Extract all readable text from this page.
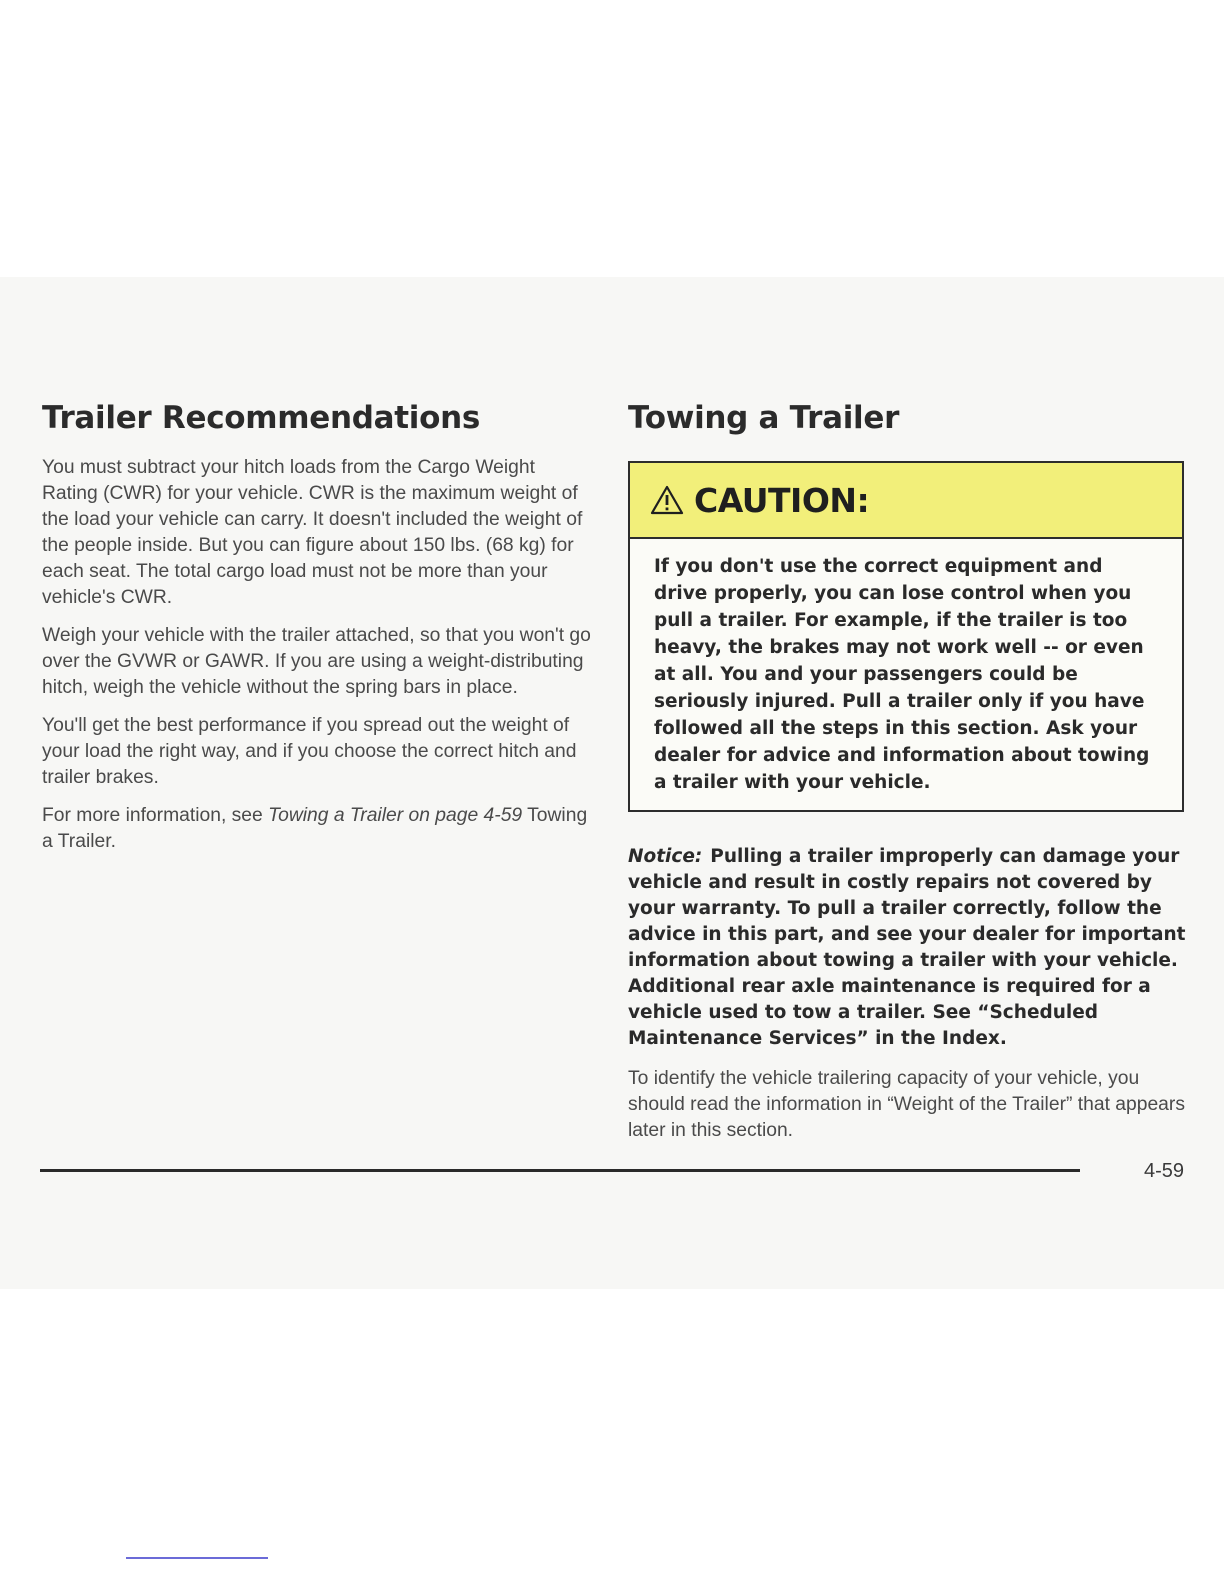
Trailer Recommendations

You must subtract your hitch loads from the Cargo Weight Rating (CWR) for your vehicle. CWR is the maximum weight of the load your vehicle can carry. It doesn't included the weight of the people inside. But you can figure about 150 lbs. (68 kg) for each seat. The total cargo load must not be more than your vehicle's CWR.

Weigh your vehicle with the trailer attached, so that you won't go over the GVWR or GAWR. If you are using a weight-distributing hitch, weigh the vehicle without the spring bars in place.

You'll get the best performance if you spread out the weight of your load the right way, and if you choose the correct hitch and trailer brakes.

For more information, see Towing a Trailer on page 4-59 Towing a Trailer.

Towing a Trailer
CAUTION:
If you don't use the correct equipment and drive properly, you can lose control when you pull a trailer. For example, if the trailer is too heavy, the brakes may not work well -- or even at all. You and your passengers could be seriously injured. Pull a trailer only if you have followed all the steps in this section. Ask your dealer for advice and information about towing a trailer with your vehicle.

Notice: Pulling a trailer improperly can damage your vehicle and result in costly repairs not covered by your warranty. To pull a trailer correctly, follow the advice in this part, and see your dealer for important information about towing a trailer with your vehicle. Additional rear axle maintenance is required for a vehicle used to tow a trailer. See “Scheduled Maintenance Services” in the Index.

To identify the vehicle trailering capacity of your vehicle, you should read the information in “Weight of the Trailer” that appears later in this section.

4-59
